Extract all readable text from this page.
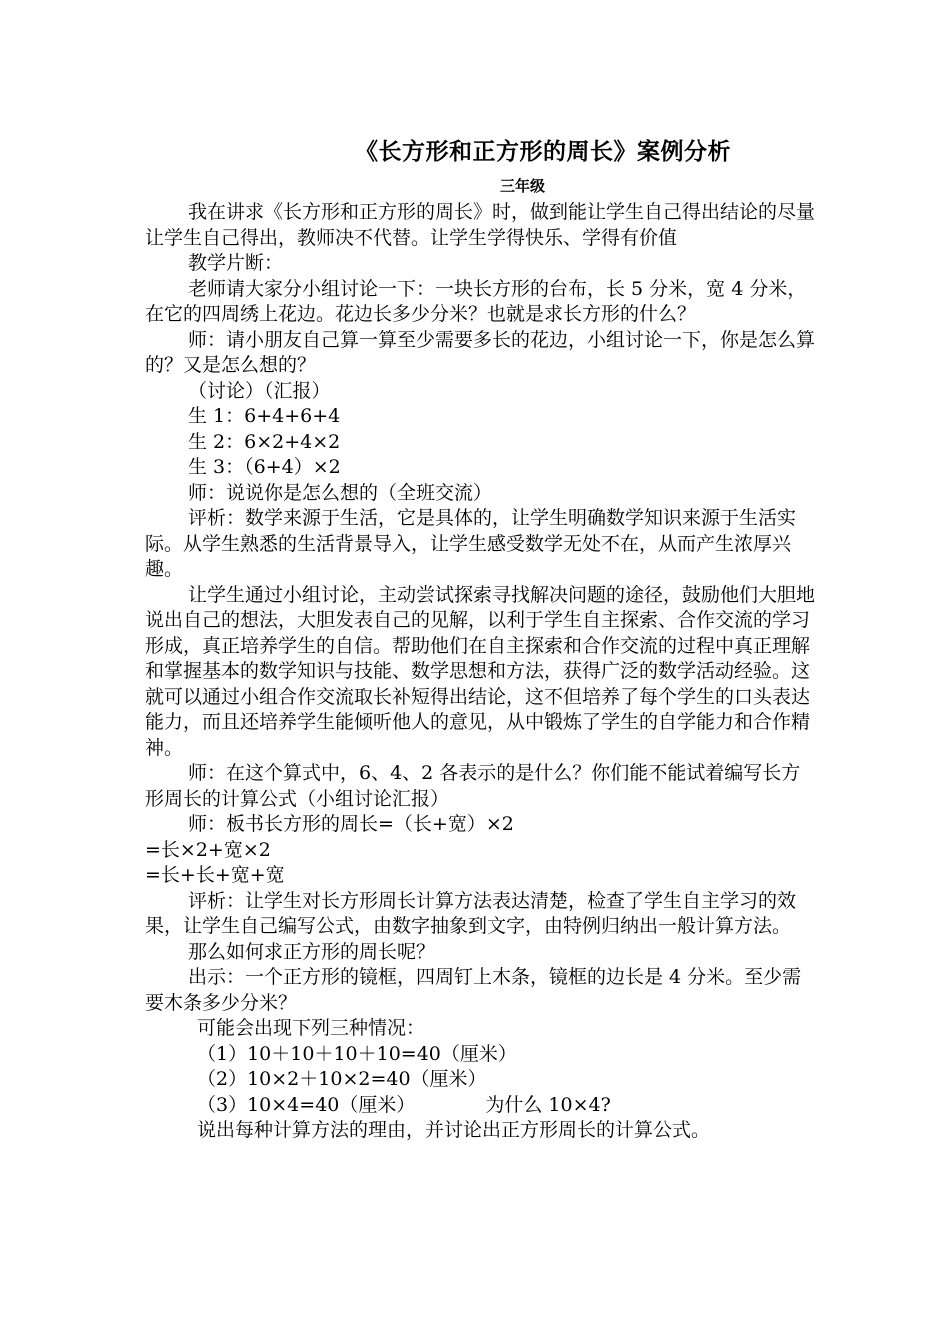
《长方形和正方形的周长》案例分析
三年级

我在讲求《长方形和正方形的周长》时，做到能让学生自己得出结论的尽量让学生自己得出，教师决不代替。让学生学得快乐、学得有价值

教学片断：

老师请大家分小组讨论一下：一块长方形的台布，长 5 分米，宽 4 分米，在它的四周绣上花边。花边长多少分米？也就是求长方形的什么？

师：请小朋友自己算一算至少需要多长的花边，小组讨论一下，你是怎么算的？又是怎么想的？

（讨论）（汇报）

生 1：6+4+6+4

生 2：6×2+4×2

生 3：（6+4）×2

师：说说你是怎么想的（全班交流）

评析：数学来源于生活，它是具体的，让学生明确数学知识来源于生活实际。从学生熟悉的生活背景导入，让学生感受数学无处不在，从而产生浓厚兴趣。

让学生通过小组讨论，主动尝试探索寻找解决问题的途径，鼓励他们大胆地说出自己的想法，大胆发表自己的见解，以利于学生自主探索、合作交流的学习形成，真正培养学生的自信。帮助他们在自主探索和合作交流的过程中真正理解和掌握基本的数学知识与技能、数学思想和方法，获得广泛的数学活动经验。这就可以通过小组合作交流取长补短得出结论，这不但培养了每个学生的口头表达能力，而且还培养学生能倾听他人的意见，从中锻炼了学生的自学能力和合作精神。

师：在这个算式中，6、4、2 各表示的是什么？你们能不能试着编写长方形周长的计算公式（小组讨论汇报）

师：板书长方形的周长=（长+宽）×2

=长×2+宽×2

=长+长+宽+宽

评析：让学生对长方形周长计算方法表达清楚，检查了学生自主学习的效果，让学生自己编写公式，由数字抽象到文字，由特例归纳出一般计算方法。

那么如何求正方形的周长呢？

出示：一个正方形的镜框，四周钉上木条，镜框的边长是 4 分米。至少需要木条多少分米？

可能会出现下列三种情况：

（1）10＋10＋10＋10=40（厘米）

（2）10×2＋10×2=40（厘米）

（3）10×4=40（厘米）	为什么 10×4?

说出每种计算方法的理由，并讨论出正方形周长的计算公式。
